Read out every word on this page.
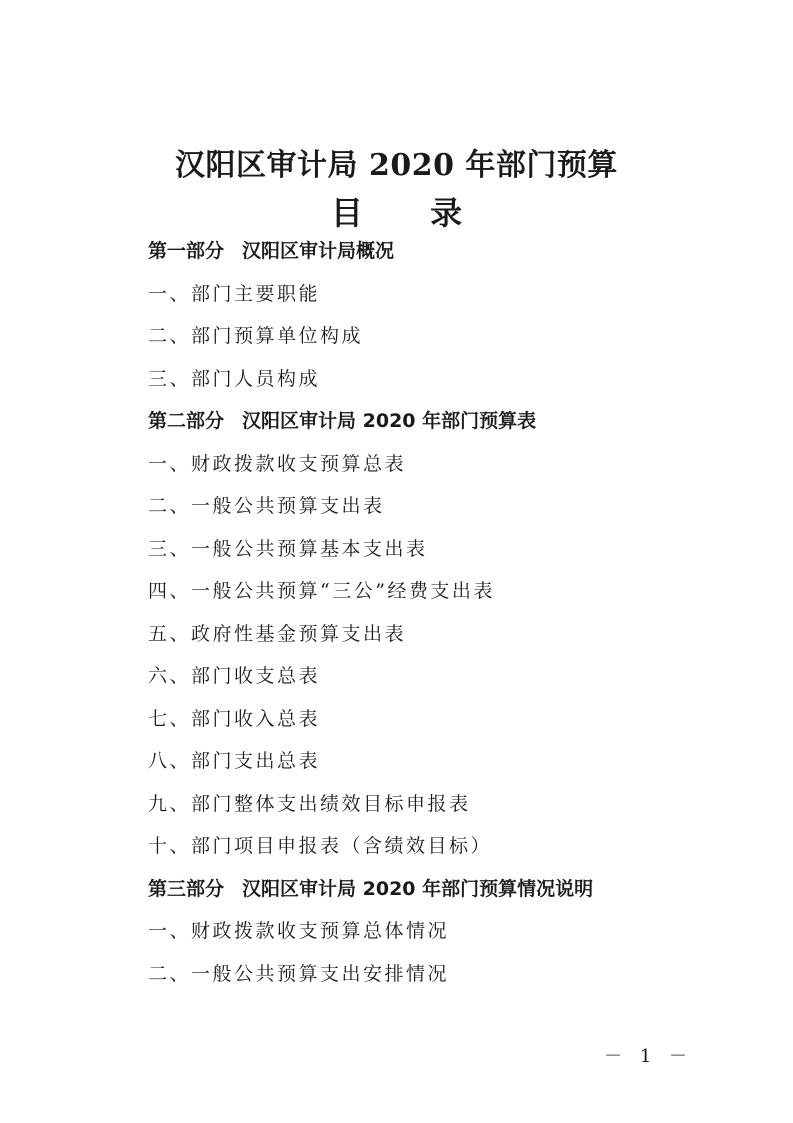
汉阳区审计局 2020 年部门预算
目 录
第一部分 汉阳区审计局概况
一、部门主要职能
二、部门预算单位构成
三、部门人员构成
第二部分 汉阳区审计局 2020 年部门预算表
一、财政拨款收支预算总表
二、一般公共预算支出表
三、一般公共预算基本支出表
四、一般公共预算“三公”经费支出表
五、政府性基金预算支出表
六、部门收支总表
七、部门收入总表
八、部门支出总表
九、部门整体支出绩效目标申报表
十、部门项目申报表（含绩效目标）
第三部分 汉阳区审计局 2020 年部门预算情况说明
一、财政拨款收支预算总体情况
二、一般公共预算支出安排情况
－ 1 －
